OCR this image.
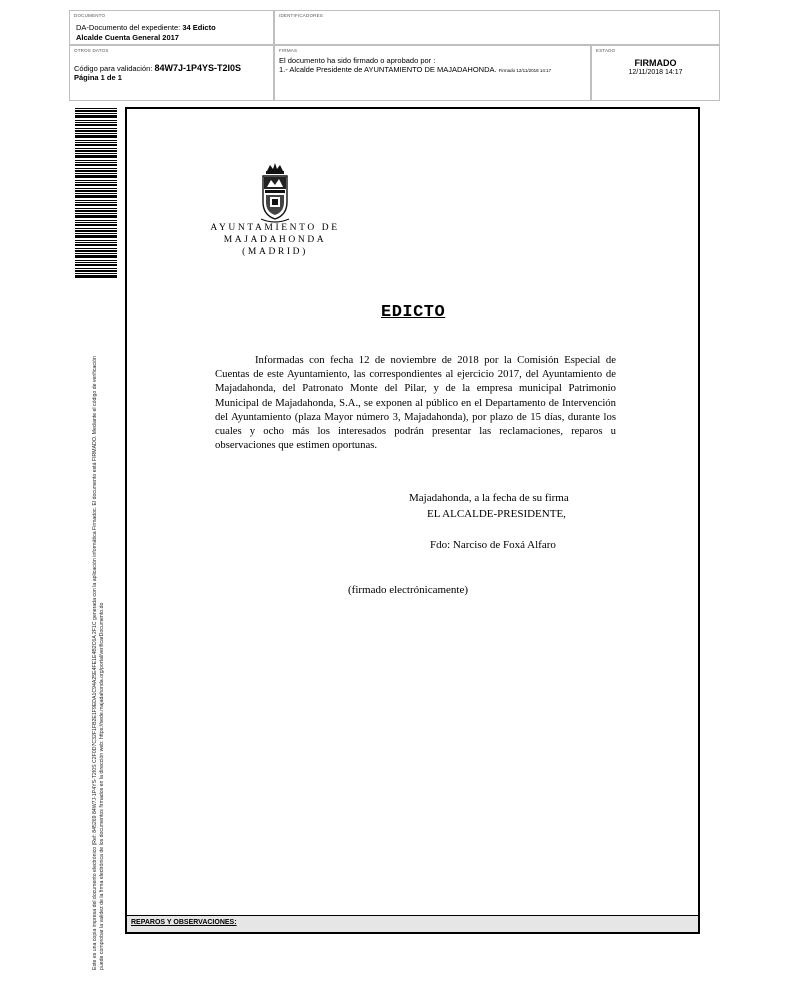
DOCUMENTO
DA-Documento del expediente: 34 Edicto
Alcalde Cuenta General 2017
IDENTIFICADORES
OTROS DATOS
Código para validación: 84W7J-1P4YS-T2I0S
Página 1 de 1
FIRMAS
El documento ha sido firmado o aprobado por :
1.- Alcalde Presidente de AYUNTAMIENTO DE MAJADAHONDA. Firmado 12/11/2018 14:17
ESTADO
FIRMADO
12/11/2018 14:17
Este es una copia impresa del documento electrónico (Ref: 845269 84W7J-1P4YS-T2I0S C2F0D7C32F1FB2E1F9EDA1C94A25E4FE1E4B2C6A 2F1C generada con la aplicación informática Firmadoc. El documento está FIRMADO. Mediante el código de verificación puede comprobar la validez de la firma electrónica de los documentos firmados en la dirección web: https://sede.majadahonda.org/portal/verificarDocumento.do	REPAROS Y OBSERVACIONES:
AYUNTAMIENTO DE
MAJADAHONDA
(MADRID)
EDICTO
Informadas con fecha 12 de noviembre de 2018 por la Comisión Especial de Cuentas de este Ayuntamiento, las correspondientes al ejercicio 2017, del Ayuntamiento de Majadahonda, del Patronato Monte del Pilar, y de la empresa municipal Patrimonio Municipal de Majadahonda, S.A., se exponen al público en el Departamento de Intervención del Ayuntamiento (plaza Mayor número 3, Majadahonda), por plazo de 15 días, durante los cuales y ocho más los interesados podrán presentar las reclamaciones, reparos u observaciones que estimen oportunas.
Majadahonda, a la fecha de su firma
EL ALCALDE-PRESIDENTE,
Fdo: Narciso de Foxá Alfaro
(firmado electrónicamente)
